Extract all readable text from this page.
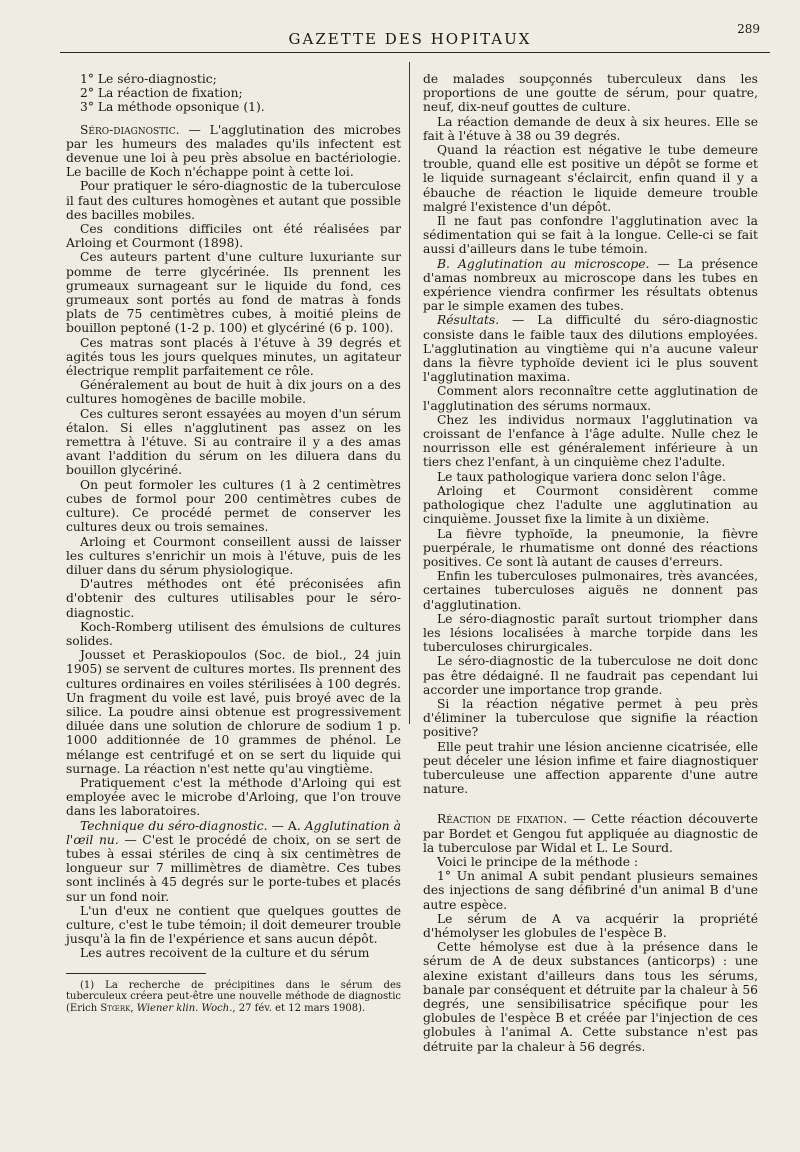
GAZETTE DES HOPITAUX
289
1° Le séro-diagnostic;
2° La réaction de fixation;
3° La méthode opsonique (1).

Séro-diagnostic. — L'agglutination des microbes par les humeurs des malades qu'ils infectent est devenue une loi à peu près absolue en bactériologie. Le bacille de Koch n'échappe point à cette loi.

Pour pratiquer le séro-diagnostic de la tuberculose il faut des cultures homogènes et autant que possible des bacilles mobiles.

Ces conditions difficiles ont été réalisées par Arloing et Courmont (1898).

Ces auteurs partent d'une culture luxuriante sur pomme de terre glycérinée. Ils prennent les grumeaux surnageant sur le liquide du fond, ces grumeaux sont portés au fond de matras à fonds plats de 75 centimètres cubes, à moitié pleins de bouillon peptoné (1-2 p. 100) et glycériné (6 p. 100).

Ces matras sont placés à l'étuve à 39 degrés et agités tous les jours quelques minutes, un agitateur électrique remplit parfaitement ce rôle.

Généralement au bout de huit à dix jours on a des cultures homogènes de bacille mobile.

Ces cultures seront essayées au moyen d'un sérum étalon. Si elles n'agglutinent pas assez on les remettra à l'étuve. Si au contraire il y a des amas avant l'addition du sérum on les diluera dans du bouillon glycériné.

On peut formoler les cultures (1 à 2 centimètres cubes de formol pour 200 centimètres cubes de culture). Ce procédé permet de conserver les cultures deux ou trois semaines.

Arloing et Courmont conseillent aussi de laisser les cultures s'enrichir un mois à l'étuve, puis de les diluer dans du sérum physiologique.

D'autres méthodes ont été préconisées afin d'obtenir des cultures utilisables pour le séro-diagnostic.

Koch-Romberg utilisent des émulsions de cultures solides.

Jousset et Peraskiopoulos (Soc. de biol., 24 juin 1905) se servent de cultures mortes. Ils prennent des cultures ordinaires en voiles stérilisées à 100 degrés. Un fragment du voile est lavé, puis broyé avec de la silice. La poudre ainsi obtenue est progressivement diluée dans une solution de chlorure de sodium 1 p. 1000 additionnée de 10 grammes de phénol. Le mélange est centrifugé et on se sert du liquide qui surnage. La réaction n'est nette qu'au vingtième.

Pratiquement c'est la méthode d'Arloing qui est employée avec le microbe d'Arloing, que l'on trouve dans les laboratoires.

Technique du séro-diagnostic. — A. Agglutination à l'œil nu. — C'est le procédé de choix, on se sert de tubes à essai stériles de cinq à six centimètres de longueur sur 7 millimètres de diamètre. Ces tubes sont inclinés à 45 degrés sur le porte-tubes et placés sur un fond noir.

L'un d'eux ne contient que quelques gouttes de culture, c'est le tube témoin; il doit demeurer trouble jusqu'à la fin de l'expérience et sans aucun dépôt.

Les autres recoivent de la culture et du sérum

(1) La recherche de précipitines dans le sérum des tuberculeux créera peut-être une nouvelle méthode de diagnostic (Erich Stœrk, Wiener klin. Woch., 27 fév. et 12 mars 1908).

de malades soupçonnés tuberculeux dans les proportions de une goutte de sérum, pour quatre, neuf, dix-neuf gouttes de culture.

La réaction demande de deux à six heures. Elle se fait à l'étuve à 38 ou 39 degrés.

Quand la réaction est négative le tube demeure trouble, quand elle est positive un dépôt se forme et le liquide surnageant s'éclaircit, enfin quand il y a ébauche de réaction le liquide demeure trouble malgré l'existence d'un dépôt.

Il ne faut pas confondre l'agglutination avec la sédimentation qui se fait à la longue. Celle-ci se fait aussi d'ailleurs dans le tube témoin.

B. Agglutination au microscope. — La présence d'amas nombreux au microscope dans les tubes en expérience viendra confirmer les résultats obtenus par le simple examen des tubes.

Résultats. — La difficulté du séro-diagnostic consiste dans le faible taux des dilutions employées. L'agglutination au vingtième qui n'a aucune valeur dans la fièvre typhoïde devient ici le plus souvent l'agglutination maxima.

Comment alors reconnaître cette agglutination de l'agglutination des sérums normaux.

Chez les individus normaux l'agglutination va croissant de l'enfance à l'âge adulte. Nulle chez le nourrisson elle est généralement inférieure à un tiers chez l'enfant, à un cinquième chez l'adulte.

Le taux pathologique variera donc selon l'âge.

Arloing et Courmont considèrent comme pathologique chez l'adulte une agglutination au cinquième. Jousset fixe la limite à un dixième.

La fièvre typhoïde, la pneumonie, la fièvre puerpérale, le rhumatisme ont donné des réactions positives. Ce sont là autant de causes d'erreurs.

Enfin les tuberculoses pulmonaires, très avancées, certaines tuberculoses aiguës ne donnent pas d'agglutination.

Le séro-diagnostic paraît surtout triompher dans les lésions localisées à marche torpide dans les tuberculoses chirurgicales.

Le séro-diagnostic de la tuberculose ne doit donc pas être dédaigné. Il ne faudrait pas cependant lui accorder une importance trop grande.

Si la réaction négative permet à peu près d'éliminer la tuberculose que signifie la réaction positive?

Elle peut trahir une lésion ancienne cicatrisée, elle peut déceler une lésion infime et faire diagnostiquer tuberculeuse une affection apparente d'une autre nature.

Réaction de fixation. — Cette réaction découverte par Bordet et Gengou fut appliquée au diagnostic de la tuberculose par Widal et L. Le Sourd.

Voici le principe de la méthode :

1° Un animal A subit pendant plusieurs semaines des injections de sang défibriné d'un animal B d'une autre espèce.

Le sérum de A va acquérir la propriété d'hémolyser les globules de l'espèce B.

Cette hémolyse est due à la présence dans le sérum de A de deux substances (anticorps) : une alexine existant d'ailleurs dans tous les sérums, banale par conséquent et détruite par la chaleur à 56 degrés, une sensibilisatrice spécifique pour les globules de l'espèce B et créée par l'injection de ces globules à l'animal A. Cette substance n'est pas détruite par la chaleur à 56 degrés.
